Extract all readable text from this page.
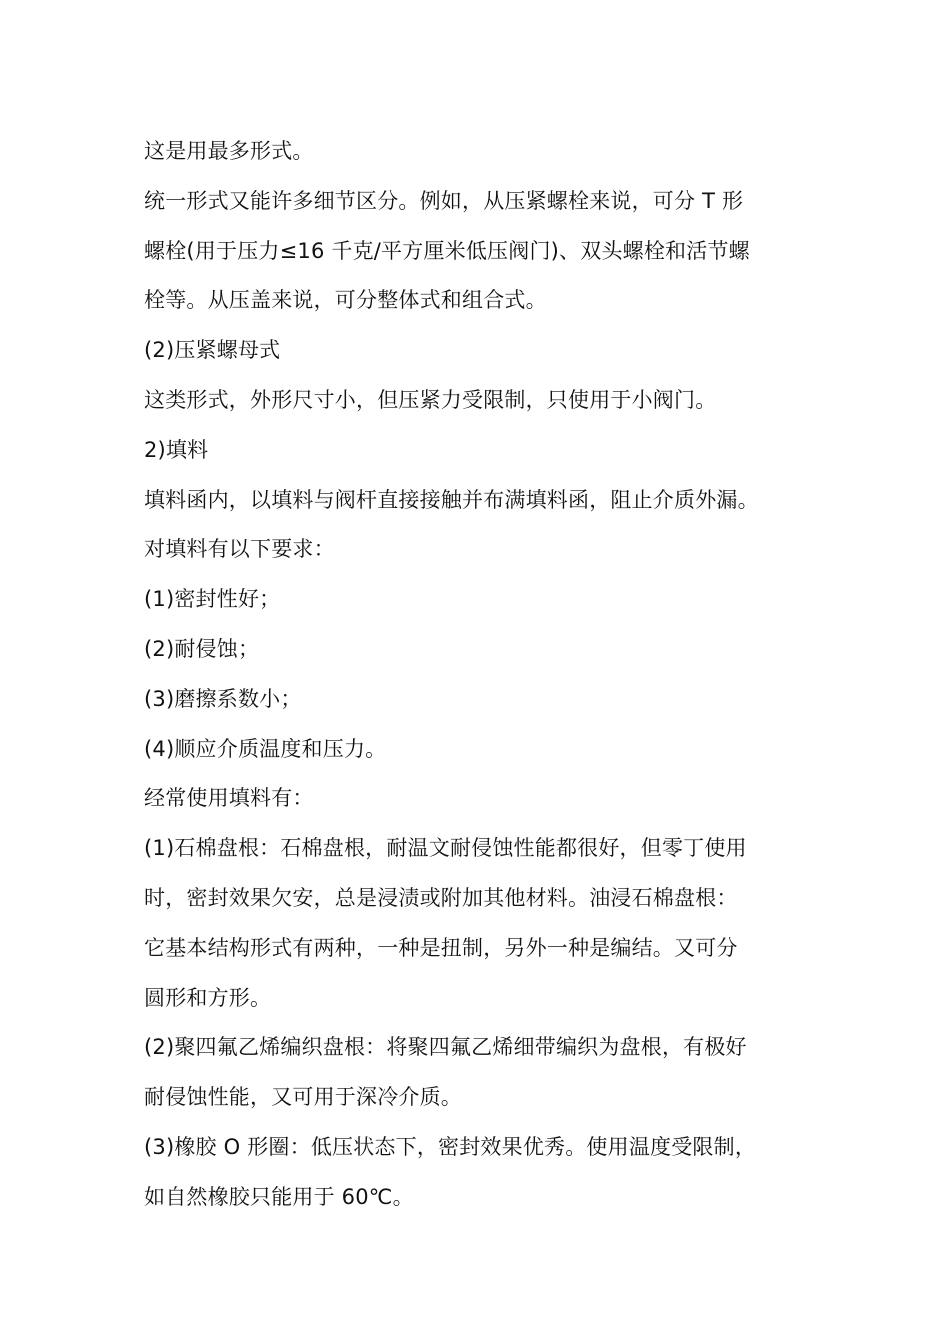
这是用最多形式。
统一形式又能许多细节区分。例如，从压紧螺栓来说，可分 T 形
螺栓(用于压力≤16 千克/平方厘米低压阀门)、双头螺栓和活节螺
栓等。从压盖来说，可分整体式和组合式。
(2)压紧螺母式
这类形式，外形尺寸小，但压紧力受限制，只使用于小阀门。
2)填料
填料函内，以填料与阀杆直接接触并布满填料函，阻止介质外漏。
对填料有以下要求：
(1)密封性好；
(2)耐侵蚀；
(3)磨擦系数小；
(4)顺应介质温度和压力。
经常使用填料有：
(1)石棉盘根：石棉盘根，耐温文耐侵蚀性能都很好，但零丁使用
时，密封效果欠安，总是浸渍或附加其他材料。油浸石棉盘根：
它基本结构形式有两种，一种是扭制，另外一种是编结。又可分
圆形和方形。
(2)聚四氟乙烯编织盘根：将聚四氟乙烯细带编织为盘根，有极好
耐侵蚀性能，又可用于深冷介质。
(3)橡胶 O 形圈：低压状态下，密封效果优秀。使用温度受限制，
如自然橡胶只能用于 60℃。
